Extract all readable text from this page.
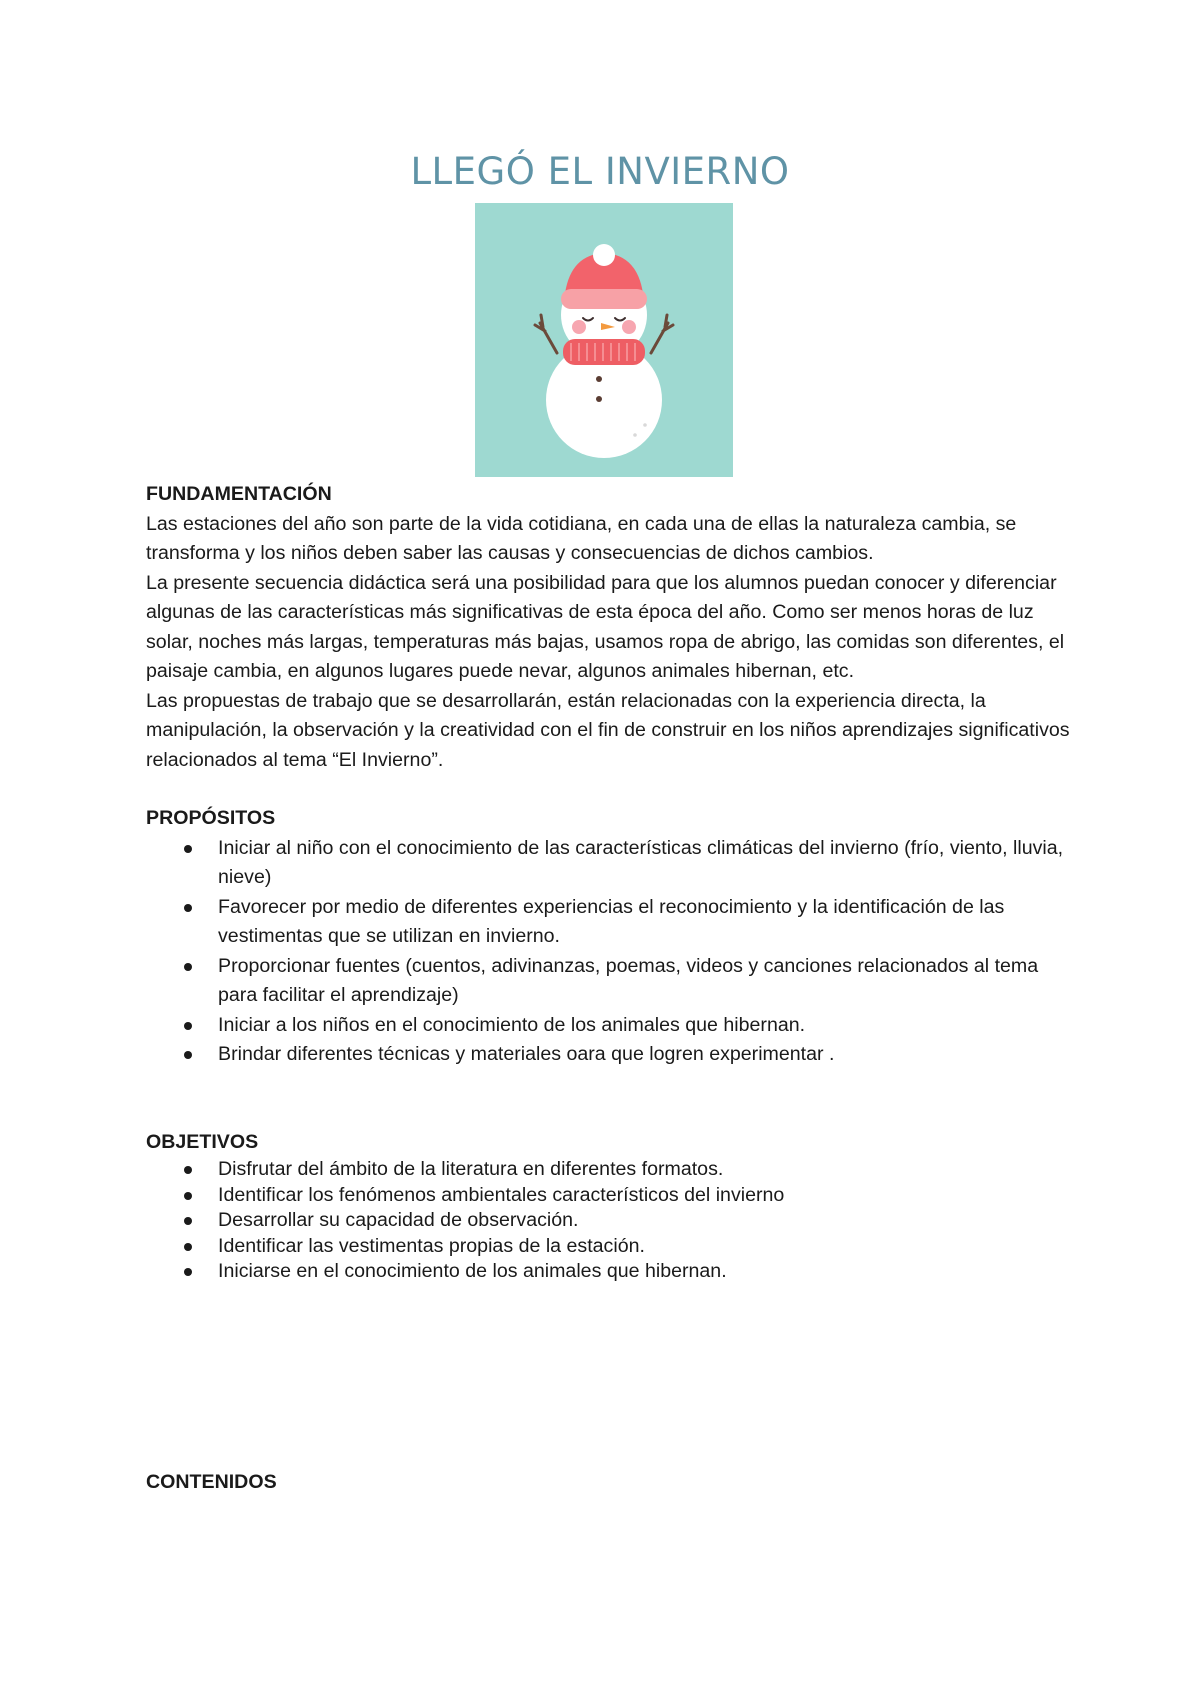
LLEGÓ EL INVIERNO

FUNDAMENTACIÓN

Las estaciones del año son parte de la vida cotidiana, en cada una de ellas la naturaleza cambia, se transforma y los niños deben saber las causas y consecuencias de dichos cambios.

La presente secuencia didáctica será una posibilidad para que los alumnos puedan conocer y diferenciar algunas de las características más significativas de esta época del año. Como ser menos horas de luz solar, noches más largas, temperaturas más bajas, usamos ropa de abrigo, las comidas son diferentes, el paisaje cambia, en algunos lugares puede nevar, algunos animales hibernan, etc.

Las propuestas de trabajo que se desarrollarán, están relacionadas con la experiencia directa, la manipulación, la observación y la creatividad con el fin de construir en los niños aprendizajes significativos relacionados al tema “El Invierno”.

PROPÓSITOS

Iniciar al niño con el conocimiento de las características climáticas del invierno (frío, viento, lluvia, nieve)
Favorecer por medio de diferentes experiencias el reconocimiento y la identificación de las vestimentas que se utilizan en invierno.
Proporcionar fuentes (cuentos, adivinanzas, poemas, videos y canciones relacionados al tema para facilitar el aprendizaje)
Iniciar a los niños en el conocimiento de los animales que hibernan.
Brindar diferentes técnicas y materiales oara que logren experimentar .

OBJETIVOS

Disfrutar del ámbito de la literatura en diferentes formatos.
Identificar los fenómenos ambientales característicos del invierno
Desarrollar su capacidad de observación.
Identificar las vestimentas propias de la estación.
Iniciarse en el conocimiento de los animales que hibernan.

CONTENIDOS
